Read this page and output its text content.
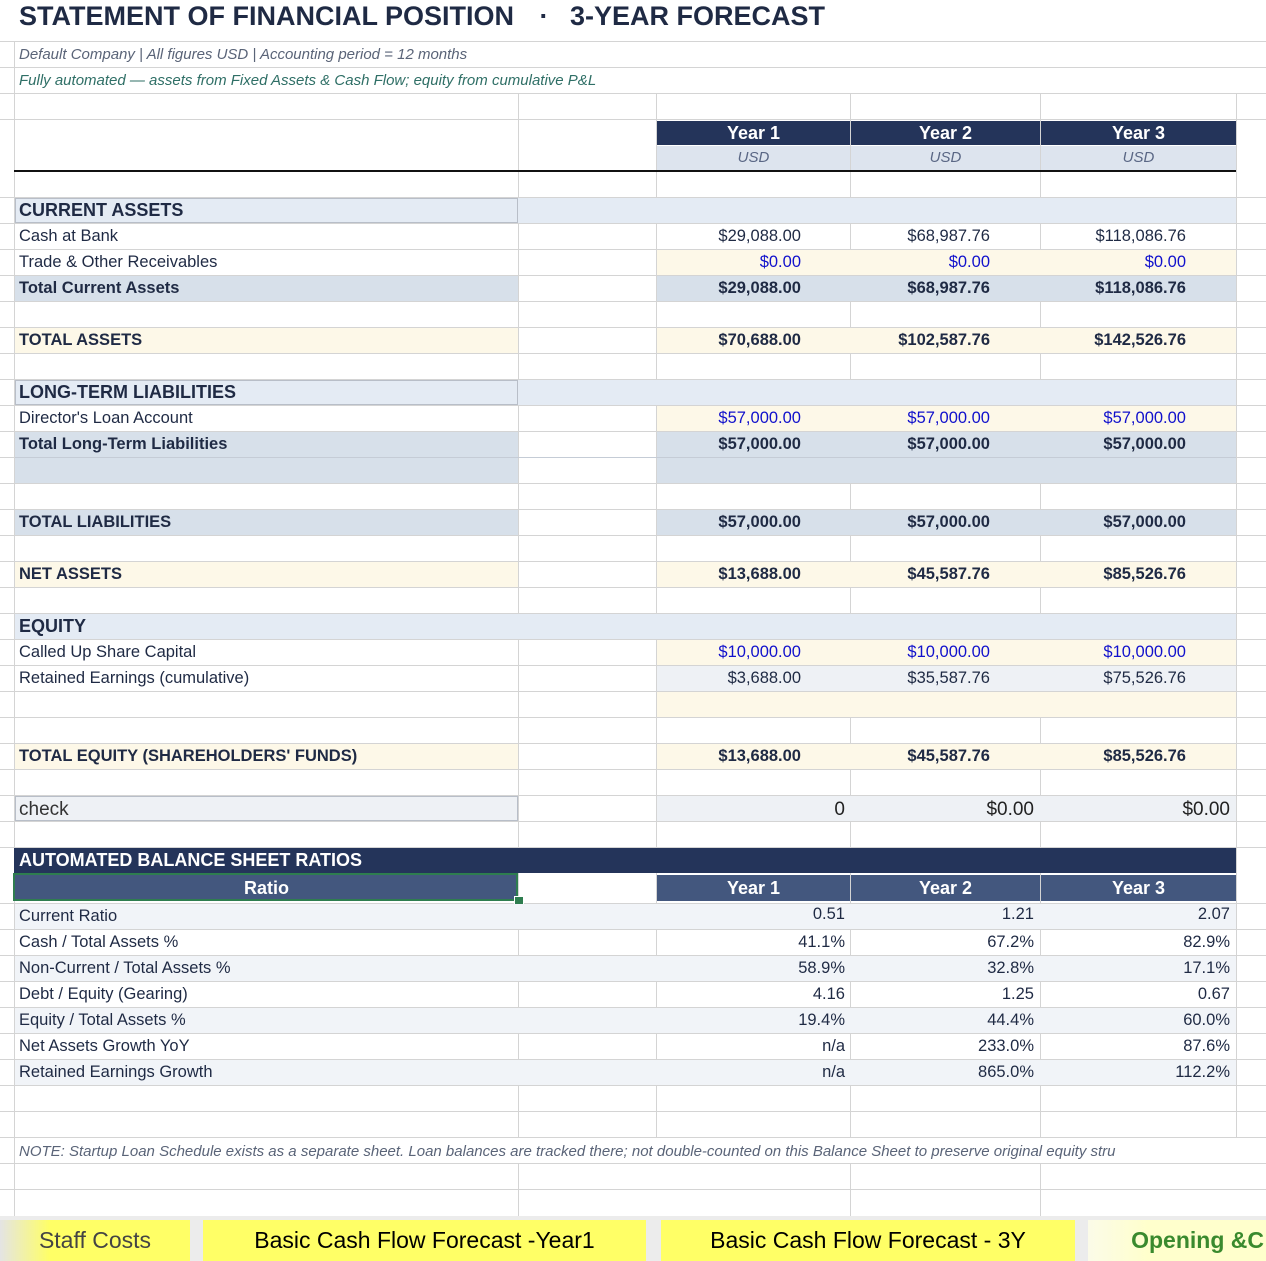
STATEMENT OF FINANCIAL POSITION · 3-YEAR FORECAST
Default Company | All figures USD | Accounting period = 12 months
Fully automated — assets from Fixed Assets & Cash Flow; equity from cumulative P&L
Year 1	Year 2	Year 3
USD	USD	USD
CURRENT ASSETS
Cash at Bank	$29,088.00	$68,987.76	$118,086.76
Trade & Other Receivables	$0.00	$0.00	$0.00
Total Current Assets	$29,088.00	$68,987.76	$118,086.76
TOTAL ASSETS	$70,688.00	$102,587.76	$142,526.76
LONG-TERM LIABILITIES
Director's Loan Account	$57,000.00	$57,000.00	$57,000.00
Total Long-Term Liabilities	$57,000.00	$57,000.00	$57,000.00
TOTAL LIABILITIES	$57,000.00	$57,000.00	$57,000.00
NET ASSETS	$13,688.00	$45,587.76	$85,526.76
EQUITY
Called Up Share Capital	$10,000.00	$10,000.00	$10,000.00
Retained Earnings (cumulative)	$3,688.00	$35,587.76	$75,526.76
TOTAL EQUITY (SHAREHOLDERS' FUNDS)	$13,688.00	$45,587.76	$85,526.76
check	0	$0.00	$0.00
AUTOMATED BALANCE SHEET RATIOS
Ratio	Year 1	Year 2	Year 3
Current Ratio	0.51	1.21	2.07
Cash / Total Assets %	41.1%	67.2%	82.9%
Non-Current / Total Assets %	58.9%	32.8%	17.1%
Debt / Equity (Gearing)	4.16	1.25	0.67
Equity / Total Assets %	19.4%	44.4%	60.0%
Net Assets Growth YoY	n/a	233.0%	87.6%
Retained Earnings Growth	n/a	865.0%	112.2%
NOTE: Startup Loan Schedule exists as a separate sheet. Loan balances are tracked there; not double-counted on this Balance Sheet to preserve original equity stru
Staff Costs	Basic Cash Flow Forecast -Year1	Basic Cash Flow Forecast - 3Y	Opening &C
